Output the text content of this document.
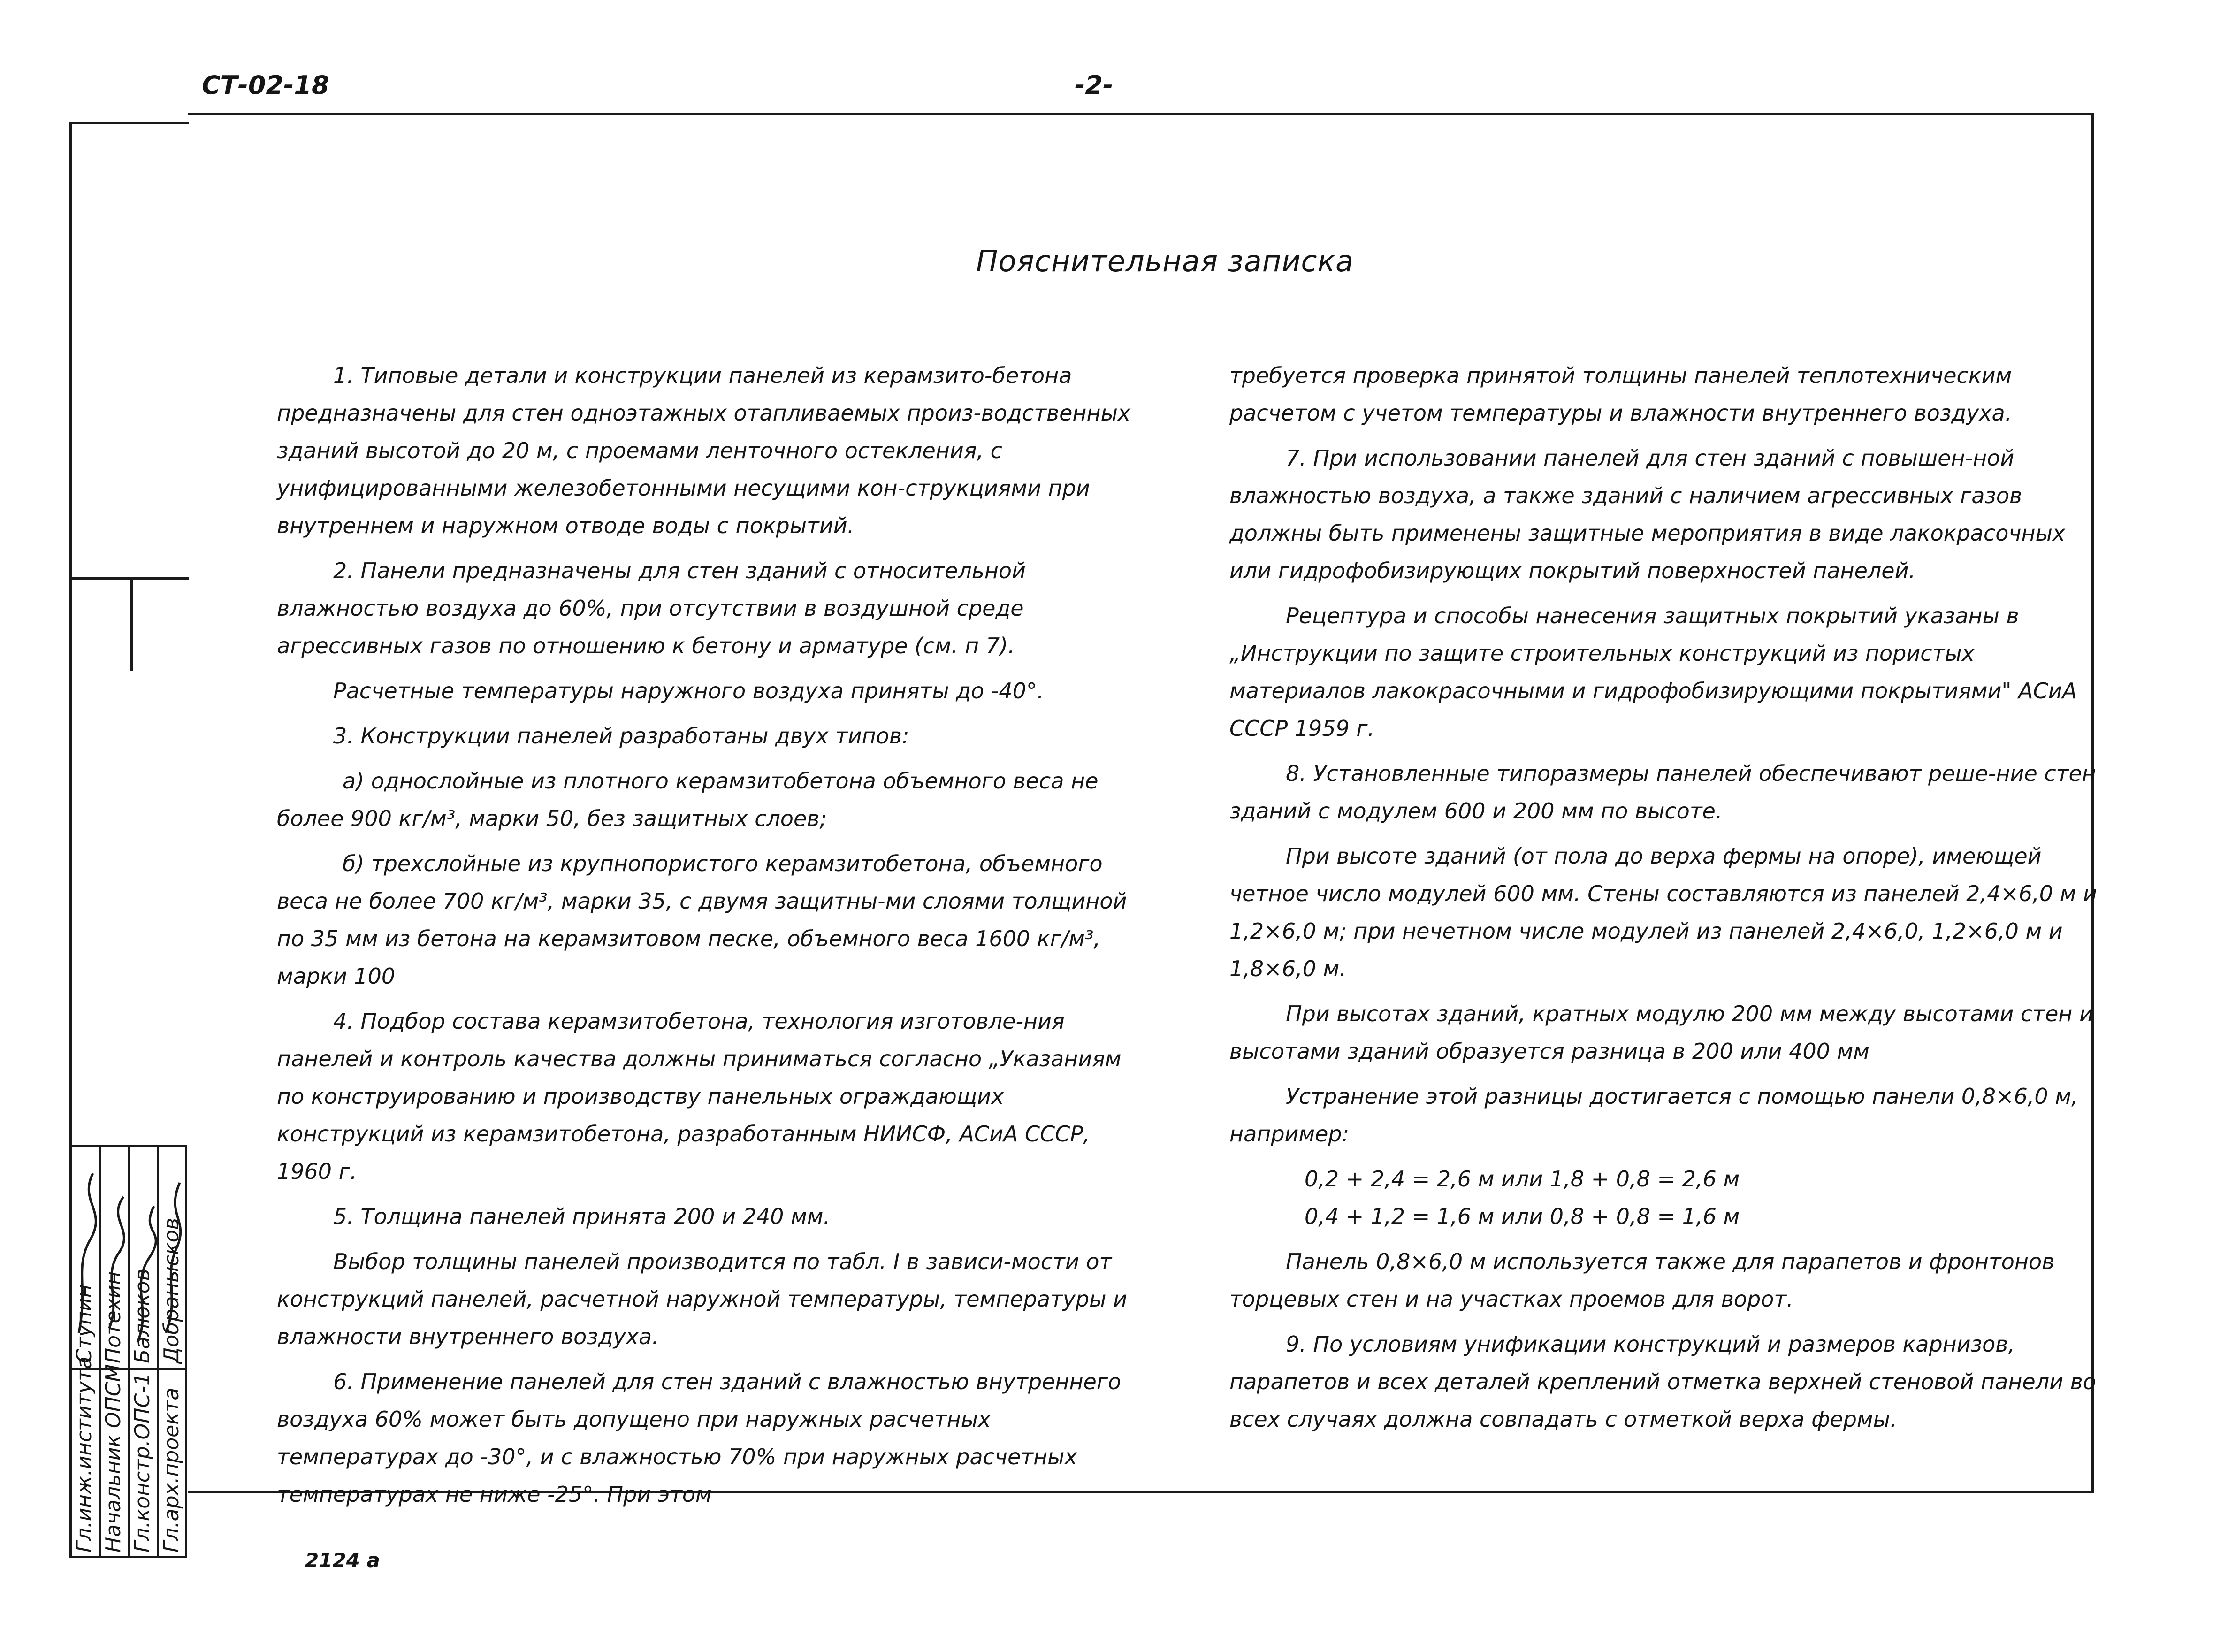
СТ-02-18	-2-
Гл.инж.института Начальник ОПСМ Гл.констр.ОПС-1 Гл.арх.проекта
Ступин Потехин Балюков Добранысков
Пояснительная записка

1. Типовые детали и конструкции панелей из керамзито-бетона предназначены для стен одноэтажных отапливаемых произ-водственных зданий высотой до 20 м, с проемами ленточного остекления, с унифицированными железобетонными несущими кон-струкциями при внутреннем и наружном отводе воды с покрытий.

2. Панели предназначены для стен зданий с относительной влажностью воздуха до 60%, при отсутствии в воздушной среде агрессивных газов по отношению к бетону и арматуре (см. п 7).

Расчетные температуры наружного воздуха приняты до -40°.

3. Конструкции панелей разработаны двух типов:

а) однослойные из плотного керамзитобетона объемного веса не более 900 кг/м³, марки 50, без защитных слоев;

б) трехслойные из крупнопористого керамзитобетона, объемного веса не более 700 кг/м³, марки 35, с двумя защитны-ми слоями толщиной по 35 мм из бетона на керамзитовом песке, объемного веса 1600 кг/м³, марки 100

4. Подбор состава керамзитобетона, технология изготовле-ния панелей и контроль качества должны приниматься согласно „Указаниям по конструированию и производству панельных ограждающих конструкций из керамзитобетона, разработанным НИИСФ, АСиА СССР, 1960 г.

5. Толщина панелей принята 200 и 240 мм.

Выбор толщины панелей производится по табл. I в зависи-мости от конструкций панелей, расчетной наружной температуры, температуры и влажности внутреннего воздуха.

6. Применение панелей для стен зданий с влажностью внутреннего воздуха 60% может быть допущено при наружных расчетных температурах до -30°, и с влажностью 70% при наружных расчетных температурах не ниже -25°. При этом

требуется проверка принятой толщины панелей теплотехническим расчетом с учетом температуры и влажности внутреннего воздуха.

7. При использовании панелей для стен зданий с повышен-ной влажностью воздуха, а также зданий с наличием агрессивных газов должны быть применены защитные мероприятия в виде лакокрасочных или гидрофобизирующих покрытий поверхностей панелей.

Рецептура и способы нанесения защитных покрытий указаны в „Инструкции по защите строительных конструкций из пористых материалов лакокрасочными и гидрофобизирующими покрытиями" АСиА СССР 1959 г.

8. Установленные типоразмеры панелей обеспечивают реше-ние стен зданий с модулем 600 и 200 мм по высоте.

При высоте зданий (от пола до верха фермы на опоре), имеющей четное число модулей 600 мм. Стены составляются из панелей 2,4×6,0 м и 1,2×6,0 м; при нечетном числе модулей из панелей 2,4×6,0, 1,2×6,0 м и 1,8×6,0 м.

При высотах зданий, кратных модулю 200 мм между высотами стен и высотами зданий образуется разница в 200 или 400 мм

Устранение этой разницы достигается с помощью панели 0,8×6,0 м, например:

0,2 + 2,4 = 2,6 м или 1,8 + 0,8 = 2,6 м

0,4 + 1,2 = 1,6 м или 0,8 + 0,8 = 1,6 м

Панель 0,8×6,0 м используется также для парапетов и фронтонов торцевых стен и на участках проемов для ворот.

9. По условиям унификации конструкций и размеров карнизов, парапетов и всех деталей креплений отметка верхней стеновой панели во всех случаях должна совпадать с отметкой верха фермы.

2124 а
